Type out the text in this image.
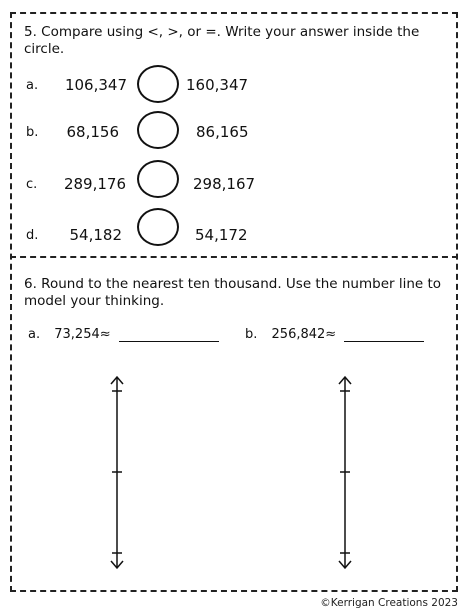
5. Compare using <, >, or =. Write your answer inside the circle.
a.	106,347	160,347
b.	68,156	86,165
c.	289,176	298,167
d.	54,182	54,172
6. Round to the nearest ten thousand. Use the number line to model your thinking.
a. 73,254≈	b. 256,842≈
©Kerrigan Creations 2023
